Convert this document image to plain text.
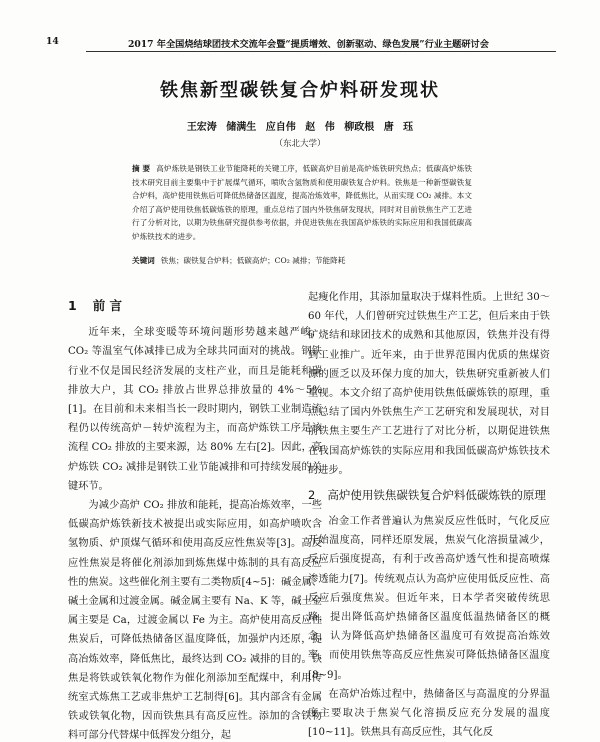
14	2017 年全国烧结球团技术交流年会暨“提质增效、创新驱动、绿色发展”行业主题研讨会
铁焦新型碳铁复合炉料研发现状
王宏涛 储满生 应自伟 赵 伟 柳政根 唐 珏
（东北大学）
摘 要 高炉炼铁是钢铁工业节能降耗的关键工序，低碳高炉目前是高炉炼铁研究热点；低碳高炉炼铁技术研究目前主要集中于扩展煤气循环，喷吹含氢物质和使用碳铁复合炉料。铁焦是一种新型碳铁复合炉料，高炉使用铁焦后可降低热储备区温度，提高冶炼效率，降低焦比，从而实现 CO₂ 减排。本文介绍了高炉使用铁焦低碳炼铁的原理，重点总结了国内外铁焦研发现状，同时对目前铁焦生产工艺进行了分析对比，以期为铁焦研究提供参考依据，并促进铁焦在我国高炉炼铁的实际应用和我国低碳高炉炼铁技术的进步。
关键词 铁焦；碳铁复合炉料；低碳高炉；CO₂ 减排；节能降耗
1 前 言

近年来，全球变暖等环境问题形势越来越严峻，CO₂ 等温室气体减排已成为全球共同面对的挑战。钢铁行业不仅是国民经济发展的支柱产业，而且是能耗和碳排放大户，其 CO₂ 排放占世界总排放量的 4%～5%[1]。在目前和未来相当长一段时期内，钢铁工业制造流程仍以传统高炉－转炉流程为主，而高炉炼铁工序是该流程 CO₂ 排放的主要来源，达 80% 左右[2]。因此，高炉炼铁 CO₂ 减排是钢铁工业节能减排和可持续发展的关键环节。

为减少高炉 CO₂ 排放和能耗，提高冶炼效率，一些低碳高炉炼铁新技术被提出或实际应用，如高炉喷吹含氢物质、炉顶煤气循环和使用高反应性焦炭等[3]。高反应性焦炭是将催化剂添加到炼焦煤中炼制的具有高反应性的焦炭。这些催化剂主要有二类物质[4~5]：碱金属、碱土金属和过渡金属。碱金属主要有 Na、K 等，碱土金属主要是 Ca，过渡金属以 Fe 为主。高炉使用高反应性焦炭后，可降低热储备区温度降低，加强炉内还原，提高冶炼效率，降低焦比，最终达到 CO₂ 减排的目的。铁焦是将铁或铁氧化物作为催化剂添加至配煤中，利用传统室式炼焦工艺或非焦炉工艺制得[6]。其内部含有金属铁或铁氧化物，因而铁焦具有高反应性。添加的含铁物料可部分代替煤中低挥发分组分，起

起瘦化作用，其添加量取决于煤料性质。上世纪 30～60 年代，人们曾研究过铁焦生产工艺，但后来由于铁矿烧结和球团技术的成熟和其他原因，铁焦并没有得到工业推广。近年来，由于世界范围内优质的焦煤资源的匮乏以及环保力度的加大，铁焦研究重新被人们重视。本文介绍了高炉使用铁焦低碳炼铁的原理，重点总结了国内外铁焦生产工艺研究和发展现状，对目前铁焦主要生产工艺进行了对比分析，以期促进铁焦在我国高炉炼铁的实际应用和我国低碳高炉炼铁技术的进步。

2 高炉使用铁焦碳铁复合炉料低碳炼铁的原理

冶金工作者普遍认为焦炭反应性低时，气化反应开始温度高，同样还原发展，焦炭气化溶损量减少，反应后强度提高，有利于改善高炉透气性和提高喷煤渗透能力[7]。传统观点认为高炉应使用低反应性、高反应后强度焦炭。但近年来，日本学者突破传统思路，提出降低高炉热储备区温度低温热储备区的概念，认为降低高炉热储备区温度可有效提高冶炼效率，而使用铁焦等高反应性焦炭可降低热储备区温度[8~9]。

在高炉冶炼过程中，热储备区与高温度的分界温度主要取决于焦炭气化溶损反应充分发展的温度[10~11]。铁焦具有高反应性，其气化反
